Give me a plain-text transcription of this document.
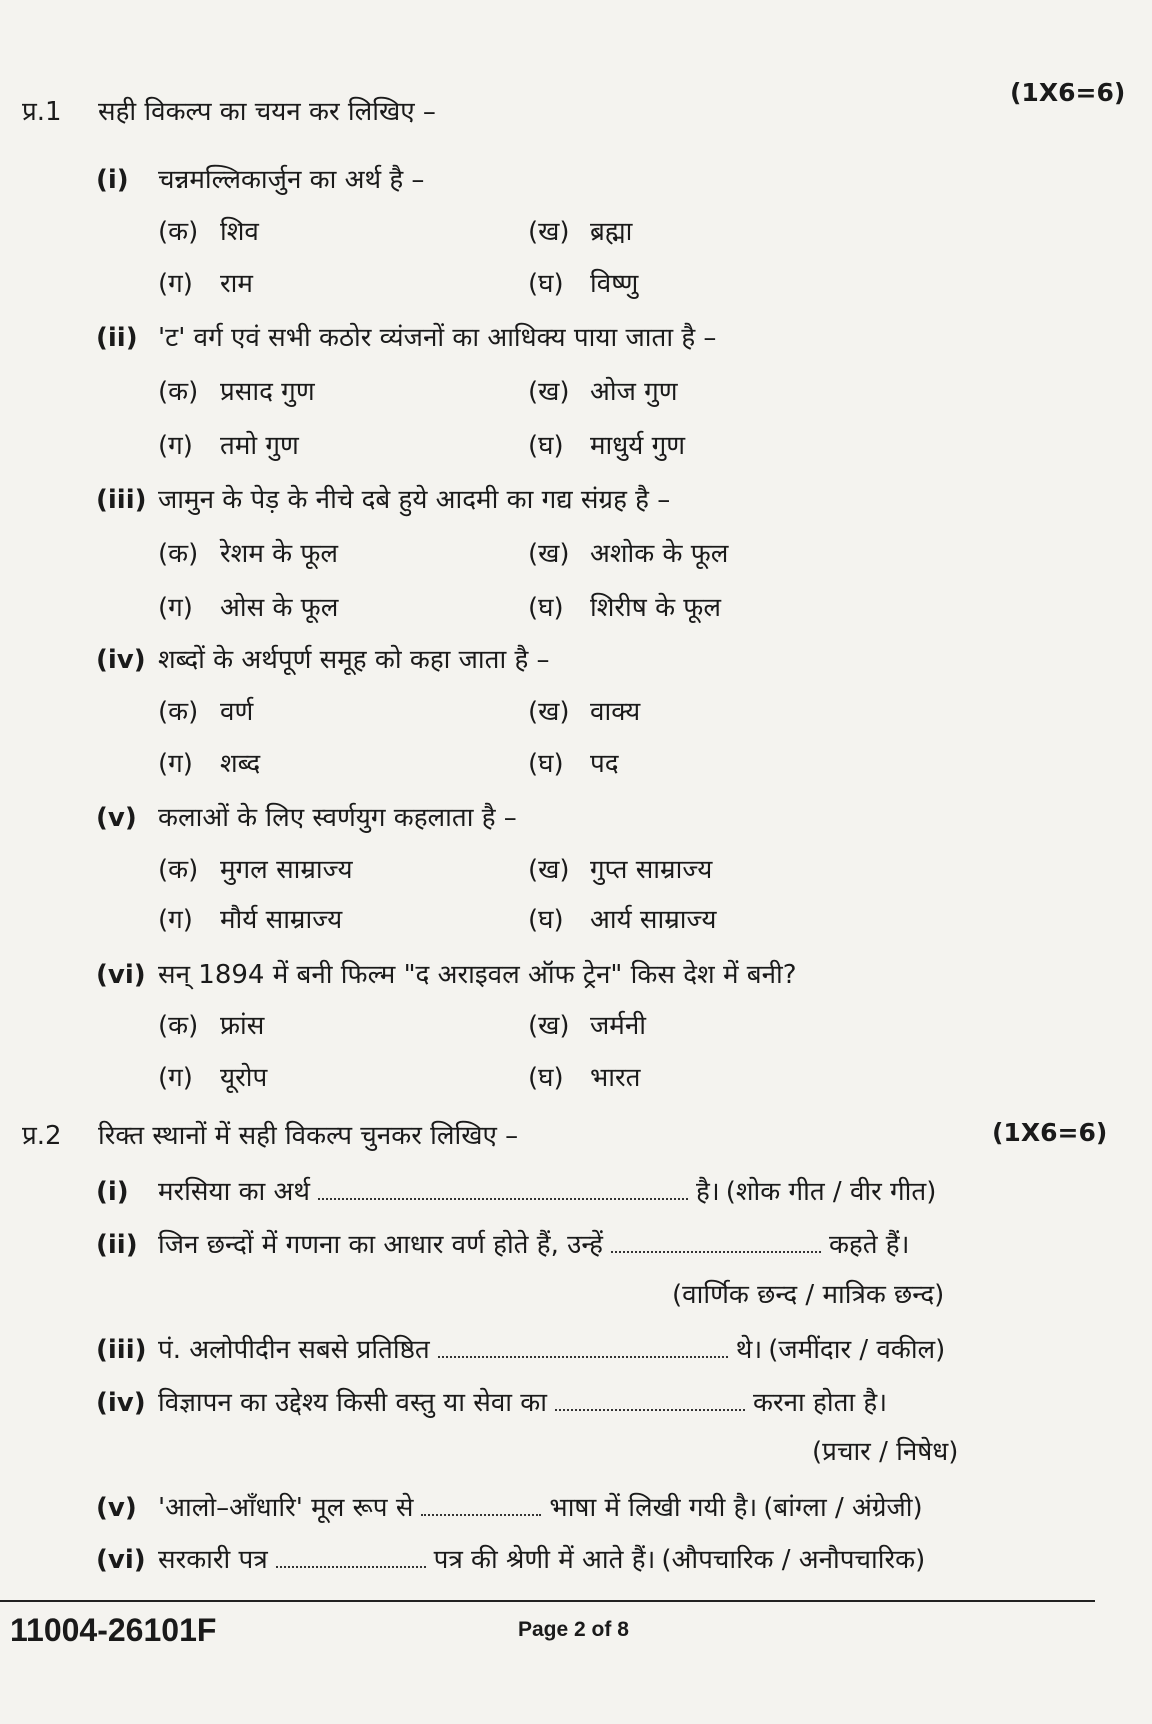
प्र.1	सही विकल्प का चयन कर लिखिए –
(1X6=6)
(i)	चन्नमल्लिकार्जुन का अर्थ है –
(क) शिव	(ख) ब्रह्मा
(ग)	राम	(घ)	विष्णु
(ii) 'ट' वर्ग एवं सभी कठोर व्यंजनों का आधिक्य पाया जाता है –
(क) प्रसाद गुण	(ख) ओज गुण
(ग)	तमो गुण	(घ)	माधुर्य गुण
(iii) जामुन के पेड़ के नीचे दबे हुये आदमी का गद्य संग्रह है –
(क) रेशम के फूल	(ख) अशोक के फूल
(ग)	ओस के फूल	(घ)	शिरीष के फूल
(iv) शब्दों के अर्थपूर्ण समूह को कहा जाता है –
(क) वर्ण	(ख) वाक्य
(ग)	शब्द	(घ)	पद
(v) कलाओं के लिए स्वर्णयुग कहलाता है –
(क) मुगल साम्राज्य	(ख) गुप्त साम्राज्य
(ग)	मौर्य साम्राज्य	(घ)	आर्य साम्राज्य
(vi) सन् 1894 में बनी फिल्म "द अराइवल ऑफ ट्रेन" किस देश में बनी?
(क) फ्रांस	(ख) जर्मनी
(ग)	यूरोप	(घ)	भारत
प्र.2	रिक्त स्थानों में सही विकल्प चुनकर लिखिए –	(1X6=6)
(i)	मरसिया का अर्थ	है। (शोक गीत / वीर गीत)
(ii) जिन छन्दों में गणना का आधार वर्ण होते हैं, उन्हें	कहते हैं।
(वार्णिक छन्द / मात्रिक छन्द)
(iii) पं. अलोपीदीन सबसे प्रतिष्ठित	थे। (जमींदार / वकील)
(iv) विज्ञापन का उद्देश्य किसी वस्तु या सेवा का	करना होता है।
(प्रचार / निषेध)
(v) 'आलो–आँधारि' मूल रूप से	भाषा में लिखी गयी है। (बांग्ला / अंग्रेजी)
(vi) सरकारी पत्र	पत्र की श्रेणी में आते हैं। (औपचारिक / अनौपचारिक)
11004-26101F	Page 2 of 8
